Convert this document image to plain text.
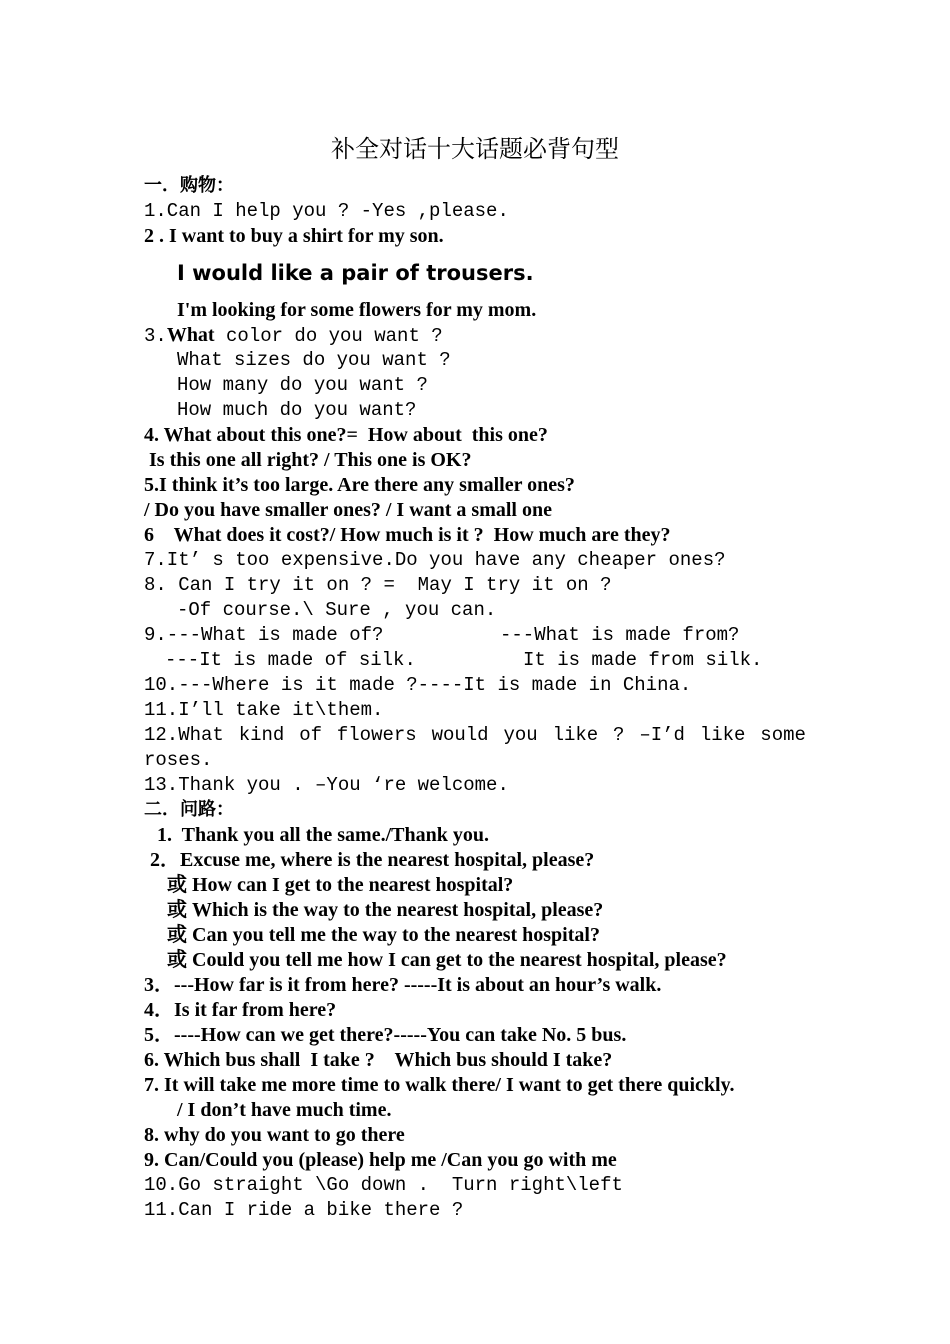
补全对话十大话题必背句型
一．购物：
1.Can I help you ? -Yes ,please.
2 . I want to buy a shirt for my son.
I would like a pair of trousers.
I'm looking for some flowers for my mom.
3.What color do you want ?
What sizes do you want ?
How many do you want ?
How much do you want?
4. What about this one?=  How about  this one?
Is this one all right? / This one is OK?
5.I think it’s too large. Are there any smaller ones?
/ Do you have smaller ones? / I want a small one
6    What does it cost?/ How much is it ?  How much are they?
7.It’ s too expensive.Do you have any cheaper ones?
8. Can I try it on ? =  May I try it on ?
-Of course.\ Sure , you can.
9.---What is made of?	---What is made from?
---It is made of silk.	It is made from silk.
10.---Where is it made ?----It is made in China.
11.I’ll take it\them.
12.What kind of flowers would you like ? –I’d like some
roses.
13.Thank you . –You ‘re welcome.
二．问路：
1.  Thank you all the same./Thank you.
2．Excuse me, where is the nearest hospital, please?
或 How can I get to the nearest hospital?
或 Which is the way to the nearest hospital, please?
或 Can you tell me the way to the nearest hospital?
或 Could you tell me how I can get to the nearest hospital, please?
3．---How far is it from here? -----It is about an hour’s walk.
4．Is it far from here?
5．----How can we get there?-----You can take No. 5 bus.
6. Which bus shall  I take ?    Which bus should I take?
7. It will take me more time to walk there/ I want to get there quickly.
/ I don’t have much time.
8. why do you want to go there
9. Can/Could you (please) help me /Can you go with me
10.Go straight \Go down .  Turn right\left
11.Can I ride a bike there ?
